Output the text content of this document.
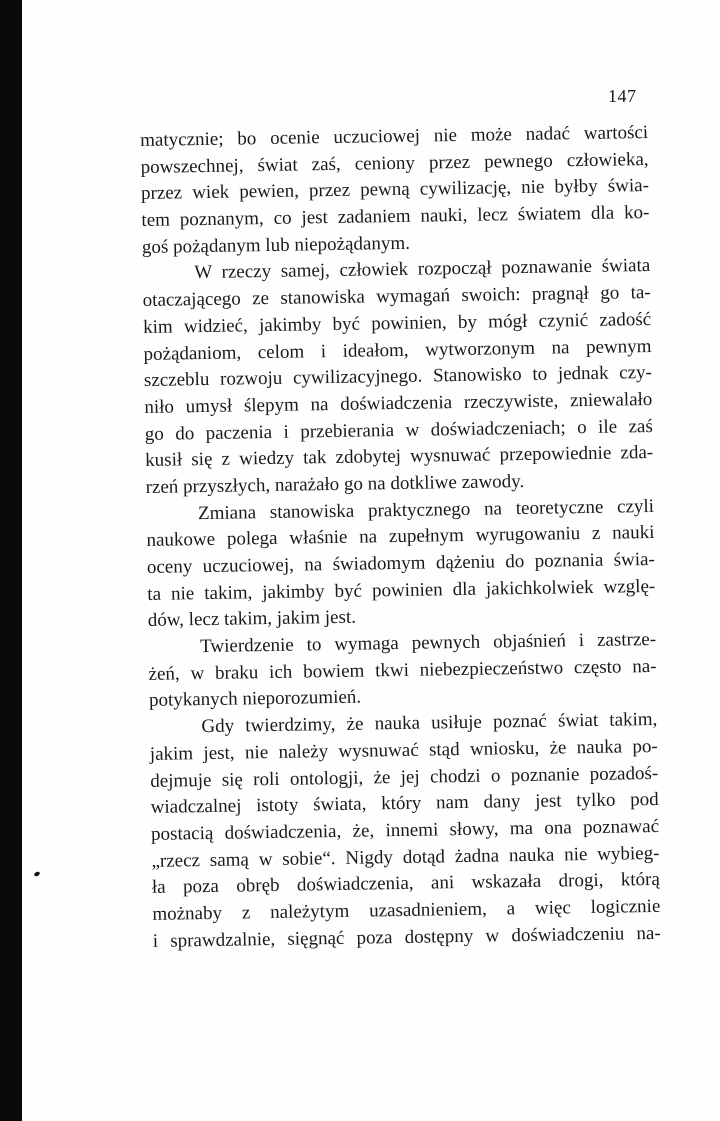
147
matycznie; bo ocenie uczuciowej nie może nadać wartości
powszechnej, świat zaś, ceniony przez pewnego człowieka,
przez wiek pewien, przez pewną cywilizację, nie byłby świa-
tem poznanym, co jest zadaniem nauki, lecz światem dla ko-
goś pożądanym lub niepożądanym.
W rzeczy samej, człowiek rozpoczął poznawanie świata
otaczającego ze stanowiska wymagań swoich: pragnął go ta-
kim widzieć, jakimby być powinien, by mógł czynić zadość
pożądaniom, celom i ideałom, wytworzonym na pewnym
szczeblu rozwoju cywilizacyjnego. Stanowisko to jednak czy-
niło umysł ślepym na doświadczenia rzeczywiste, zniewalało
go do paczenia i przebierania w doświadczeniach; o ile zaś
kusił się z wiedzy tak zdobytej wysnuwać przepowiednie zda-
rzeń przyszłych, narażało go na dotkliwe zawody.
Zmiana stanowiska praktycznego na teoretyczne czyli
naukowe polega właśnie na zupełnym wyrugowaniu z nauki
oceny uczuciowej, na świadomym dążeniu do poznania świa-
ta nie takim, jakimby być powinien dla jakichkolwiek wzglę-
dów, lecz takim, jakim jest.
Twierdzenie to wymaga pewnych objaśnień i zastrze-
żeń, w braku ich bowiem tkwi niebezpieczeństwo często na-
potykanych nieporozumień.
Gdy twierdzimy, że nauka usiłuje poznać świat takim,
jakim jest, nie należy wysnuwać stąd wniosku, że nauka po-
dejmuje się roli ontologji, że jej chodzi o poznanie pozadoś-
wiadczalnej istoty świata, który nam dany jest tylko pod
postacią doświadczenia, że, innemi słowy, ma ona poznawać
„rzecz samą w sobie“. Nigdy dotąd żadna nauka nie wybieg-
ła poza obręb doświadczenia, ani wskazała drogi, którą
możnaby z należytym uzasadnieniem, a więc logicznie
i sprawdzalnie, sięgnąć poza dostępny w doświadczeniu na-
